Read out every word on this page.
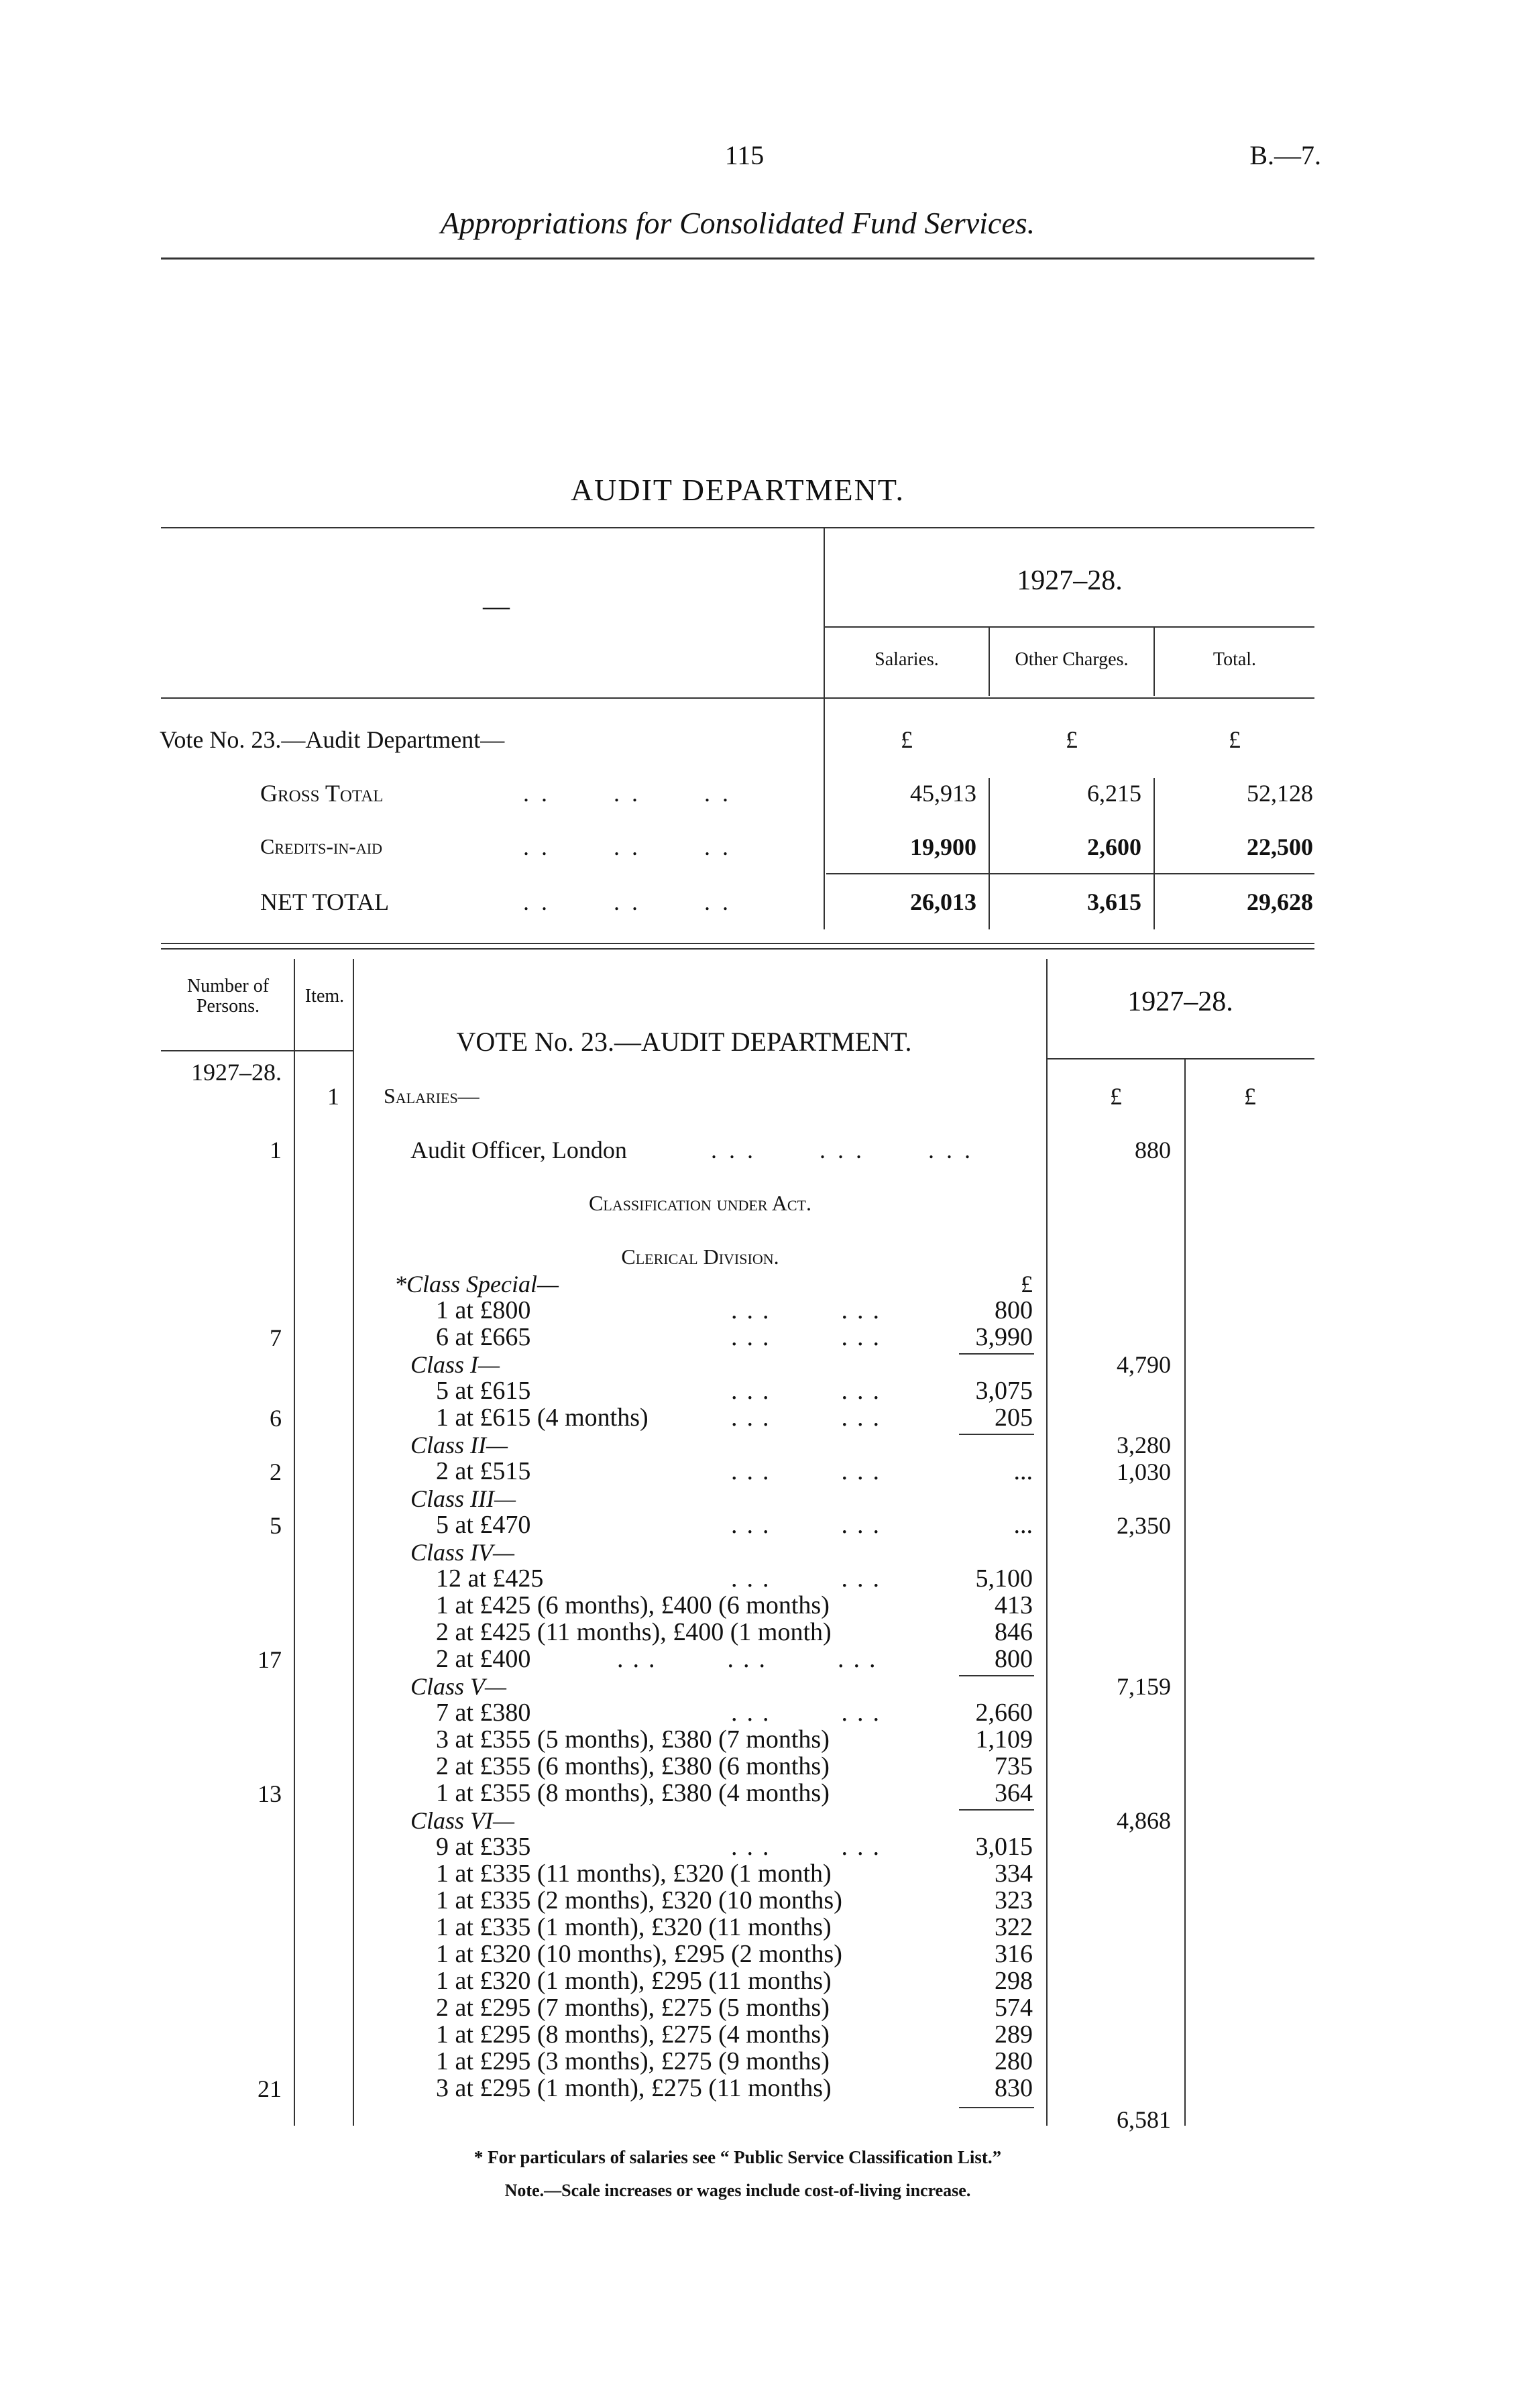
115	B.—7.
Appropriations for Consolidated Fund Services.
AUDIT DEPARTMENT.
—
1927–28.
Salaries.	Other Charges.	Total.
Vote No. 23.—Audit Department—	£	£	£
Gross Total	..   ..   ..	45,913	6,215	52,128
Credits-in-aid	..   ..   ..	19,900	2,600	22,500
NET TOTAL	..   ..   ..	26,013	3,615	29,628
Number of Persons.	Item.
VOTE No. 23.—AUDIT DEPARTMENT.
1927–28.
1927–28.
1 Salaries—	£	£
1	Audit Officer, London	...   ...   ...	880
Classification under Act.
Clerical Division.
*Class Special—	£
1 at £800	...    ...	800
7	6 at £665	...    ...	3,990
4,790
Class I—
5 at £615	...    ...	3,075
6	1 at £615 (4 months)	...    ...	205
3,280
Class II—
2	2 at £515	...    ...	...	1,030
Class III—
5	5 at £470	...    ...	...	2,350
Class IV—
12 at £425	...    ...	5,100
1 at £425 (6 months), £400 (6 months)	413
2 at £425 (11 months), £400 (1 month)	846
17	2 at £400	...    ...    ...	800
7,159
Class V—
7 at £380	...    ...	2,660
3 at £355 (5 months), £380 (7 months)	1,109
2 at £355 (6 months), £380 (6 months)	735
13	1 at £355 (8 months), £380 (4 months)	364
4,868
Class VI—
9 at £335	...    ...	3,015
1 at £335 (11 months), £320 (1 month)	334
1 at £335 (2 months), £320 (10 months)	323
1 at £335 (1 month), £320 (11 months)	322
1 at £320 (10 months), £295 (2 months)	316
1 at £320 (1 month), £295 (11 months)	298
2 at £295 (7 months), £275 (5 months)	574
1 at £295 (8 months), £275 (4 months)	289
1 at £295 (3 months), £275 (9 months)	280
21	3 at £295 (1 month), £275 (11 months)	830
6,581
* For particulars of salaries see “ Public Service Classification List.”
Note.—Scale increases or wages include cost-of-living increase.
